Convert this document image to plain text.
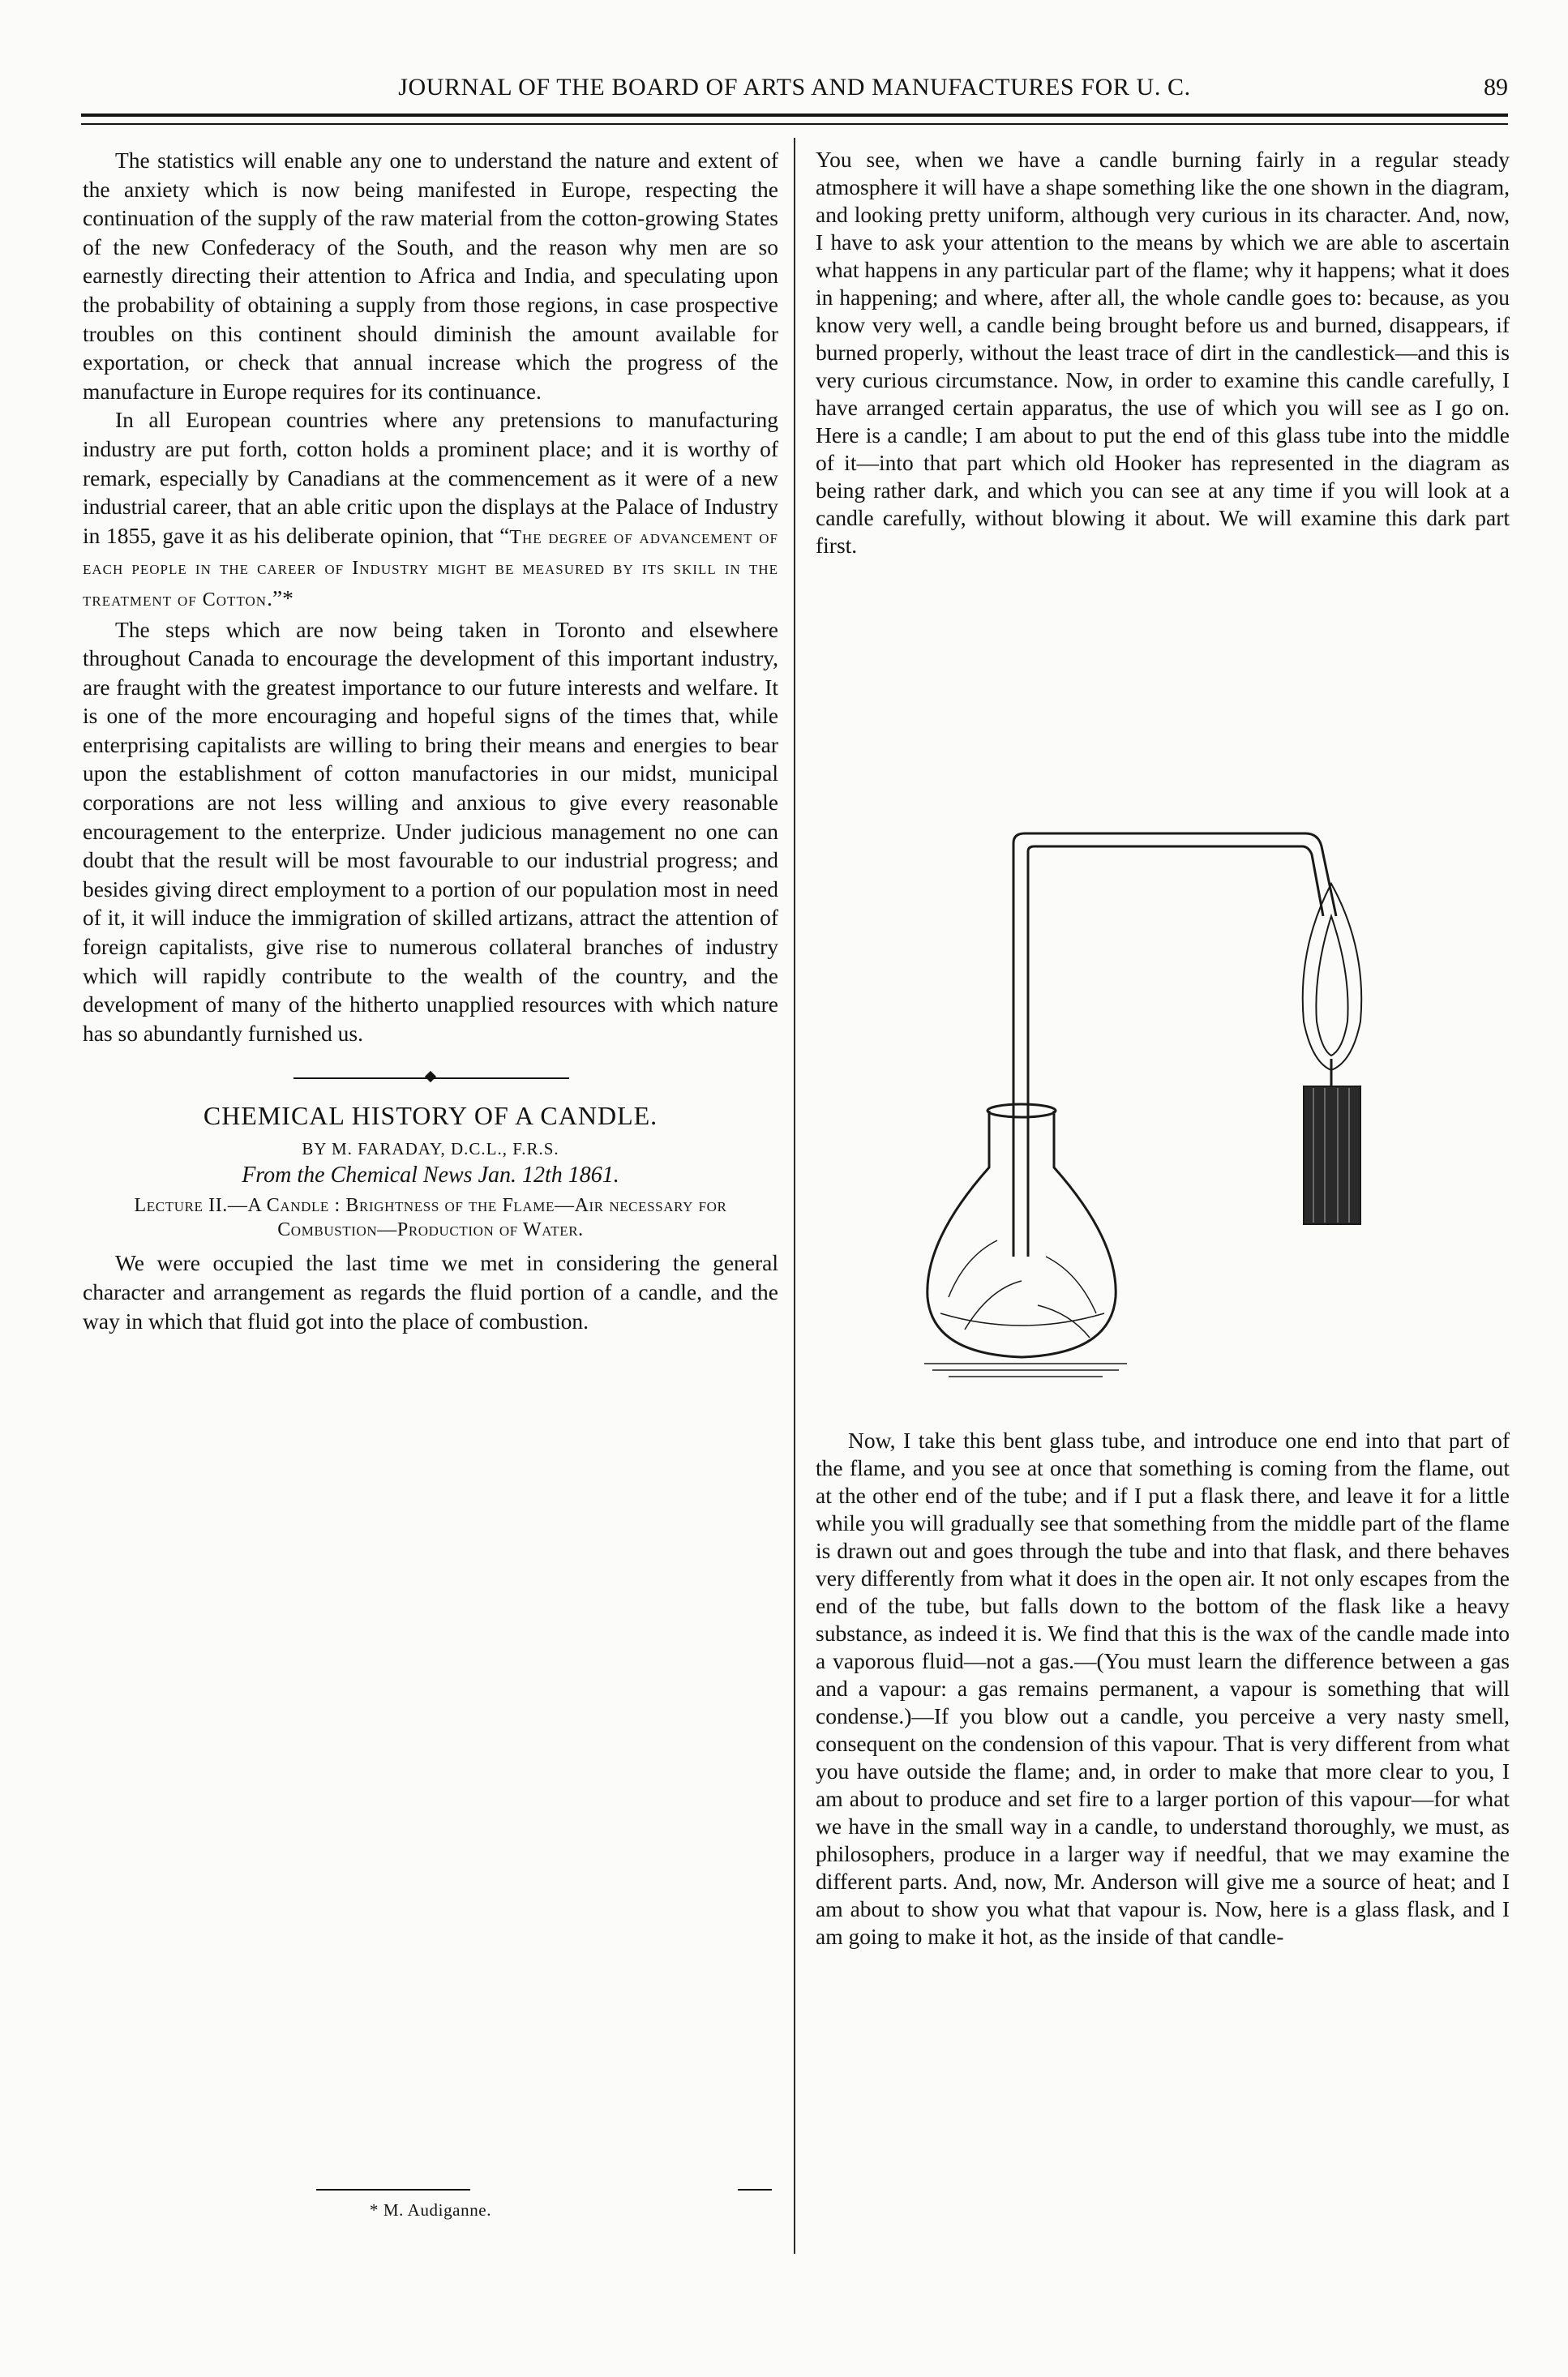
JOURNAL OF THE BOARD OF ARTS AND MANUFACTURES FOR U. C.	89

The statistics will enable any one to understand the nature and extent of the anxiety which is now being manifested in Europe, respecting the continuation of the supply of the raw material from the cotton-growing States of the new Confederacy of the South, and the reason why men are so earnestly directing their attention to Africa and India, and speculating upon the probability of obtaining a supply from those regions, in case prospective troubles on this continent should diminish the amount available for exportation, or check that annual increase which the progress of the manufacture in Europe requires for its continuance.

In all European countries where any pretensions to manufacturing industry are put forth, cotton holds a prominent place; and it is worthy of remark, especially by Canadians at the commencement as it were of a new industrial career, that an able critic upon the displays at the Palace of Industry in 1855, gave it as his deliberate opinion, that “The degree of advancement of each people in the career of Industry might be measured by its skill in the treatment of Cotton.”*

The steps which are now being taken in Toronto and elsewhere throughout Canada to encourage the development of this important industry, are fraught with the greatest importance to our future interests and welfare. It is one of the more encouraging and hopeful signs of the times that, while enterprising capitalists are willing to bring their means and energies to bear upon the establishment of cotton manufactories in our midst, municipal corporations are not less willing and anxious to give every reasonable encouragement to the enterprize. Under judicious management no one can doubt that the result will be most favourable to our industrial progress; and besides giving direct employment to a portion of our population most in need of it, it will induce the immigration of skilled artizans, attract the attention of foreign capitalists, give rise to numerous collateral branches of industry which will rapidly contribute to the wealth of the country, and the development of many of the hitherto unapplied resources with which nature has so abundantly furnished us.

CHEMICAL HISTORY OF A CANDLE.
BY M. FARADAY, D.C.L., F.R.S.
From the Chemical News Jan. 12th 1861.
Lecture II.—A Candle : Brightness of the Flame—Air necessary for Combustion—Production of Water.

We were occupied the last time we met in considering the general character and arrangement as regards the fluid portion of a candle, and the way in which that fluid got into the place of combustion.

* M. Audiganne.

You see, when we have a candle burning fairly in a regular steady atmosphere it will have a shape something like the one shown in the diagram, and looking pretty uniform, although very curious in its character. And, now, I have to ask your attention to the means by which we are able to ascertain what happens in any particular part of the flame; why it happens; what it does in happening; and where, after all, the whole candle goes to: because, as you know very well, a candle being brought before us and burned, disappears, if burned properly, without the least trace of dirt in the candlestick—and this is very curious circumstance. Now, in order to examine this candle carefully, I have arranged certain apparatus, the use of which you will see as I go on. Here is a candle; I am about to put the end of this glass tube into the middle of it—into that part which old Hooker has represented in the diagram as being rather dark, and which you can see at any time if you will look at a candle carefully, without blowing it about. We will examine this dark part first.

Now, I take this bent glass tube, and introduce one end into that part of the flame, and you see at once that something is coming from the flame, out at the other end of the tube; and if I put a flask there, and leave it for a little while you will gradually see that something from the middle part of the flame is drawn out and goes through the tube and into that flask, and there behaves very differently from what it does in the open air. It not only escapes from the end of the tube, but falls down to the bottom of the flask like a heavy substance, as indeed it is. We find that this is the wax of the candle made into a vaporous fluid—not a gas.—(You must learn the difference between a gas and a vapour: a gas remains permanent, a vapour is something that will condense.)—If you blow out a candle, you perceive a very nasty smell, consequent on the condension of this vapour. That is very different from what you have outside the flame; and, in order to make that more clear to you, I am about to produce and set fire to a larger portion of this vapour—for what we have in the small way in a candle, to understand thoroughly, we must, as philosophers, produce in a larger way if needful, that we may examine the different parts. And, now, Mr. Anderson will give me a source of heat; and I am about to show you what that vapour is. Now, here is a glass flask, and I am going to make it hot, as the inside of that candle-
